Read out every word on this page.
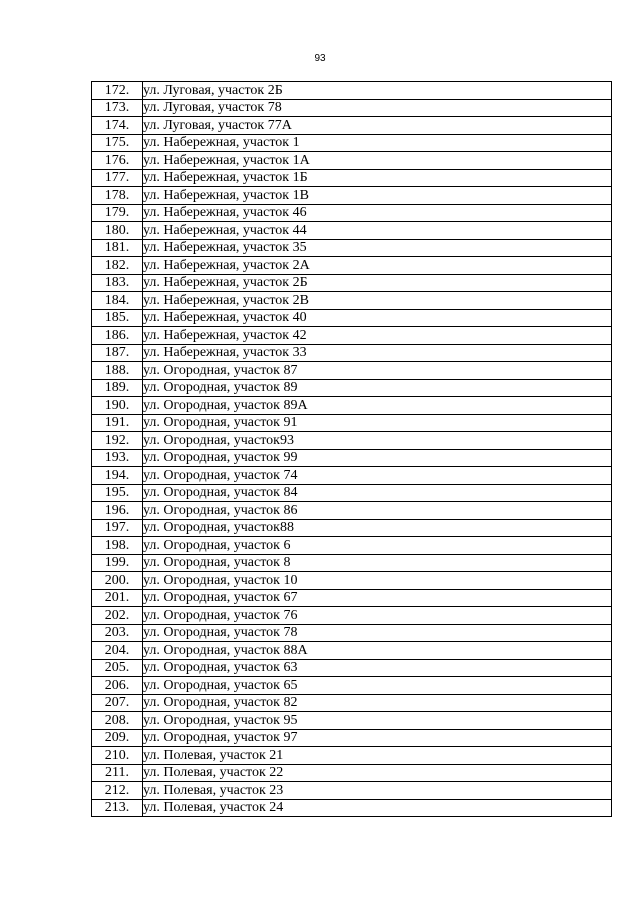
93
172.	ул. Луговая, участок 2Б
173.	ул. Луговая, участок 78
174.	ул. Луговая, участок 77А
175.	ул. Набережная, участок 1
176.	ул. Набережная, участок 1А
177.	ул. Набережная, участок 1Б
178.	ул. Набережная, участок 1В
179.	ул. Набережная, участок 46
180.	ул. Набережная, участок 44
181.	ул. Набережная, участок 35
182.	ул. Набережная, участок 2А
183.	ул. Набережная, участок 2Б
184.	ул. Набережная, участок 2В
185.	ул. Набережная, участок 40
186.	ул. Набережная, участок 42
187.	ул. Набережная, участок 33
188.	ул. Огородная, участок 87
189.	ул. Огородная, участок 89
190.	ул. Огородная, участок 89А
191.	ул. Огородная, участок 91
192.	ул. Огородная, участок93
193.	ул. Огородная, участок 99
194.	ул. Огородная, участок 74
195.	ул. Огородная, участок 84
196.	ул. Огородная, участок 86
197.	ул. Огородная, участок88
198.	ул. Огородная, участок 6
199.	ул. Огородная, участок 8
200.	ул. Огородная, участок 10
201.	ул. Огородная, участок 67
202.	ул. Огородная, участок 76
203.	ул. Огородная, участок 78
204.	ул. Огородная, участок 88А
205.	ул. Огородная, участок 63
206.	ул. Огородная, участок 65
207.	ул. Огородная, участок 82
208.	ул. Огородная, участок 95
209.	ул. Огородная, участок 97
210.	ул. Полевая, участок 21
211.	ул. Полевая, участок 22
212.	ул. Полевая, участок 23
213.	ул. Полевая, участок 24
